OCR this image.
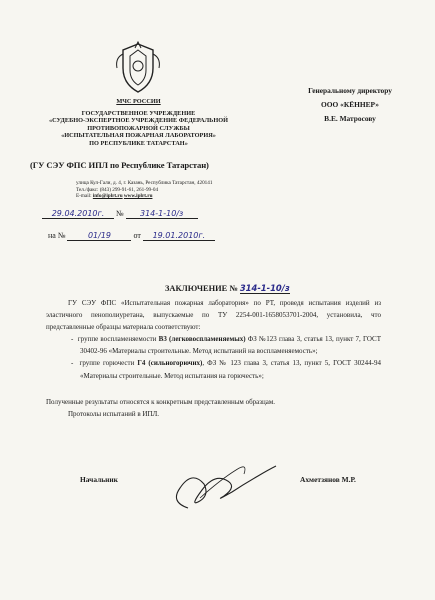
МЧС РОССИИ
ГОСУДАРСТВЕННОЕ УЧРЕЖДЕНИЕ
«СУДЕБНО-ЭКСПЕРТНОЕ УЧРЕЖДЕНИЕ ФЕДЕРАЛЬНОЙ
ПРОТИВОПОЖАРНОЙ СЛУЖБЫ
«ИСПЫТАТЕЛЬНАЯ ПОЖАРНАЯ ЛАБОРАТОРИЯ»
ПО РЕСПУБЛИКЕ ТАТАРСТАН»
(ГУ СЭУ ФПС ИПЛ по Республике Татарстан)
улица Кул-Гали, д. 4, г. Казань, Республика Татарстан, 420141
Тел./факс: (843) 299-91-61, 261-99-04
E-mail: info@iplrt.ru www.iplrt.ru
Генеральному директору
ООО «КЁННЕР»
В.Е. Матросову
29.04.2010г. № 314-1-10/з
на №	01/19	от 19.01.2010г.
ЗАКЛЮЧЕНИЕ № 314-1-10/з

ГУ СЭУ ФПС «Испытательная пожарная лаборатория» по РТ, проведя испытания изделий из эластичного пенополиуретана, выпускаемые по ТУ 2254-001-1658053701-2004, установила, что представленные образцы материала соответствуют:

-  группе воспламеняемости В3 (легковоспламеняемых) ФЗ №123 глава 3, статья 13, пункт 7, ГОСТ 30402-96 «Материалы строительные. Метод испытаний на воспламеняемость»;

-  группе горючести Г4 (сильногорючих), ФЗ № 123 глава 3, статья 13, пункт 5, ГОСТ 30244-94 «Материалы строительные. Метод испытания на горючесть»;

Полученные результаты относятся к конкретным представленным образцам.

Протоколы испытаний в ИПЛ.

Начальник	Ахметзянов М.Р.
